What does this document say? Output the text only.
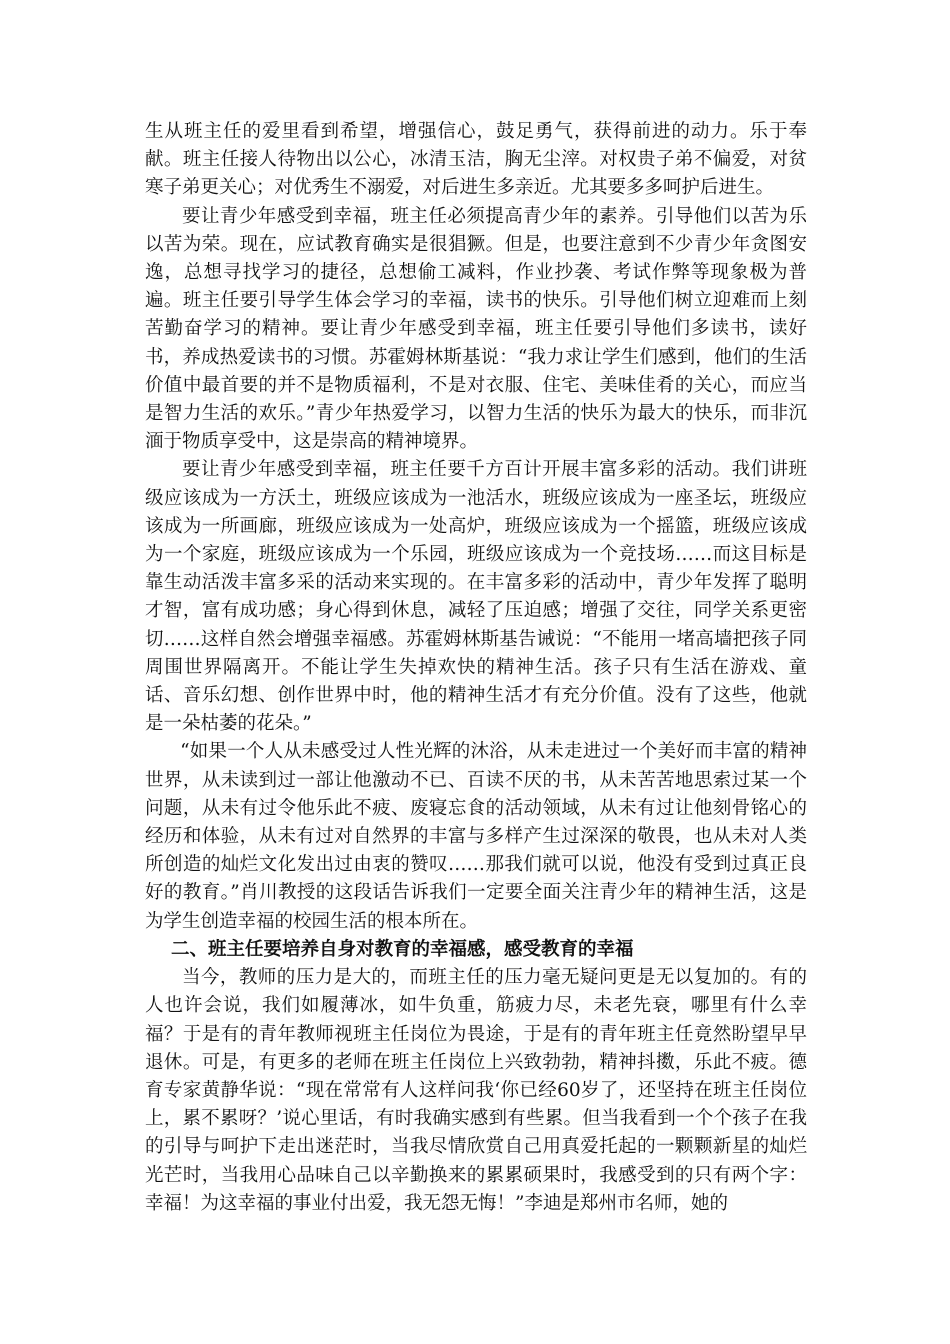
生从班主任的爱里看到希望，增强信心，鼓足勇气，获得前进的动力。乐于奉献。班主任接人待物出以公心，冰清玉洁，胸无尘滓。对权贵子弟不偏爱，对贫寒子弟更关心；对优秀生不溺爱，对后进生多亲近。尤其要多多呵护后进生。

要让青少年感受到幸福，班主任必须提高青少年的素养。引导他们以苦为乐以苦为荣。现在，应试教育确实是很猖獗。但是，也要注意到不少青少年贪图安逸，总想寻找学习的捷径，总想偷工减料，作业抄袭、考试作弊等现象极为普遍。班主任要引导学生体会学习的幸福，读书的快乐。引导他们树立迎难而上刻苦勤奋学习的精神。要让青少年感受到幸福，班主任要引导他们多读书，读好书，养成热爱读书的习惯。苏霍姆林斯基说：“我力求让学生们感到，他们的生活价值中最首要的并不是物质福利，不是对衣服、住宅、美味佳肴的关心，而应当是智力生活的欢乐。”青少年热爱学习，以智力生活的快乐为最大的快乐，而非沉湎于物质享受中，这是崇高的精神境界。

要让青少年感受到幸福，班主任要千方百计开展丰富多彩的活动。我们讲班级应该成为一方沃土，班级应该成为一池活水，班级应该成为一座圣坛，班级应该成为一所画廊，班级应该成为一处高炉，班级应该成为一个摇篮，班级应该成为一个家庭，班级应该成为一个乐园，班级应该成为一个竞技场……而这目标是靠生动活泼丰富多采的活动来实现的。在丰富多彩的活动中，青少年发挥了聪明才智，富有成功感；身心得到休息，减轻了压迫感；增强了交往，同学关系更密切……这样自然会增强幸福感。苏霍姆林斯基告诫说：“不能用一堵高墙把孩子同周围世界隔离开。不能让学生失掉欢快的精神生活。孩子只有生活在游戏、童话、音乐幻想、创作世界中时，他的精神生活才有充分价值。没有了这些，他就是一朵枯萎的花朵。”

“如果一个人从未感受过人性光辉的沐浴，从未走进过一个美好而丰富的精神世界，从未读到过一部让他激动不已、百读不厌的书，从未苦苦地思索过某一个问题，从未有过令他乐此不疲、废寝忘食的活动领域，从未有过让他刻骨铭心的经历和体验，从未有过对自然界的丰富与多样产生过深深的敬畏，也从未对人类所创造的灿烂文化发出过由衷的赞叹……那我们就可以说，他没有受到过真正良好的教育。”肖川教授的这段话告诉我们一定要全面关注青少年的精神生活，这是为学生创造幸福的校园生活的根本所在。

二、班主任要培养自身对教育的幸福感，感受教育的幸福

当今，教师的压力是大的，而班主任的压力毫无疑问更是无以复加的。有的人也许会说，我们如履薄冰，如牛负重，筋疲力尽，未老先衰，哪里有什么幸福？于是有的青年教师视班主任岗位为畏途，于是有的青年班主任竟然盼望早早退休。可是，有更多的老师在班主任岗位上兴致勃勃，精神抖擞，乐此不疲。德育专家黄静华说：“现在常常有人这样问我‘你已经60岁了，还坚持在班主任岗位上，累不累呀？’说心里话，有时我确实感到有些累。但当我看到一个个孩子在我的引导与呵护下走出迷茫时，当我尽情欣赏自己用真爱托起的一颗颗新星的灿烂光芒时，当我用心品味自己以辛勤换来的累累硕果时，我感受到的只有两个字：幸福！为这幸福的事业付出爱，我无怨无悔！”李迪是郑州市名师，她的
